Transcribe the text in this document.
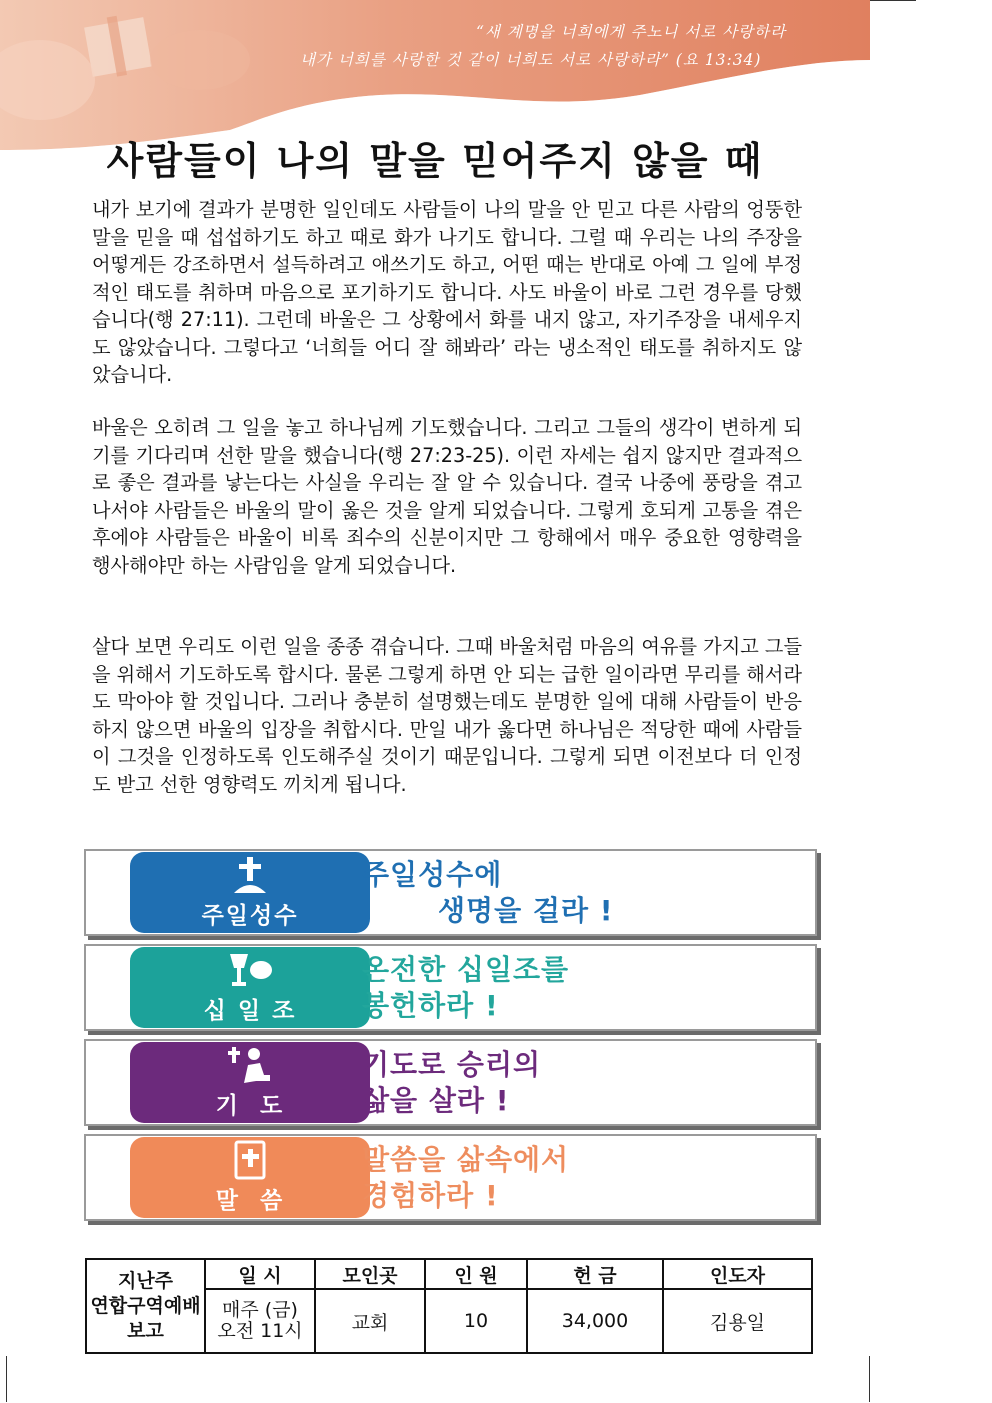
“새 계명을 너희에게 주노니 서로 사랑하라
내가 너희를 사랑한 것 같이 너희도 서로 사랑하라” (요 13:34)
사람들이 나의 말을 믿어주지 않을 때

내가 보기에 결과가 분명한 일인데도 사람들이 나의 말을 안 믿고 다른 사람의 엉뚱한 말을 믿을 때 섭섭하기도 하고 때로 화가 나기도 합니다. 그럴 때 우리는 나의 주장을 어떻게든 강조하면서 설득하려고 애쓰기도 하고, 어떤 때는 반대로 아예 그 일에 부정적인 태도를 취하며 마음으로 포기하기도 합니다. 사도 바울이 바로 그런 경우를 당했습니다(행 27:11). 그런데 바울은 그 상황에서 화를 내지 않고, 자기주장을 내세우지도 않았습니다. 그렇다고 ‘너희들 어디 잘 해봐라’ 라는 냉소적인 태도를 취하지도 않았습니다.

바울은 오히려 그 일을 놓고 하나님께 기도했습니다. 그리고 그들의 생각이 변하게 되기를 기다리며 선한 말을 했습니다(행 27:23-25). 이런 자세는 쉽지 않지만 결과적으로 좋은 결과를 낳는다는 사실을 우리는 잘 알 수 있습니다. 결국 나중에 풍랑을 겪고 나서야 사람들은 바울의 말이 옳은 것을 알게 되었습니다. 그렇게 호되게 고통을 겪은 후에야 사람들은 바울이 비록 죄수의 신분이지만 그 항해에서 매우 중요한 영향력을 행사해야만 하는 사람임을 알게 되었습니다.

살다 보면 우리도 이런 일을 종종 겪습니다. 그때 바울처럼 마음의 여유를 가지고 그들을 위해서 기도하도록 합시다. 물론 그렇게 하면 안 되는 급한 일이라면 무리를 해서라도 막아야 할 것입니다. 그러나 충분히 설명했는데도 분명한 일에 대해 사람들이 반응하지 않으면 바울의 입장을 취합시다. 만일 내가 옳다면 하나님은 적당한 때에 사람들이 그것을 인정하도록 인도해주실 것이기 때문입니다. 그렇게 되면 이전보다 더 인정도 받고 선한 영향력도 끼치게 됩니다.

주일성수
주일성수에
생명을 걸라 !
십 일 조
온전한 십일조를
봉헌하라 !
기  도
기도로 승리의
삶을 살라 !
말  씀
말씀을 삶속에서
경험하라 !
지난주
연합구역예배
보고	일 시	모인곳	인 원	헌 금	인도자

	매주 (금)
오전 11시	교회	10	34,000	김용일
